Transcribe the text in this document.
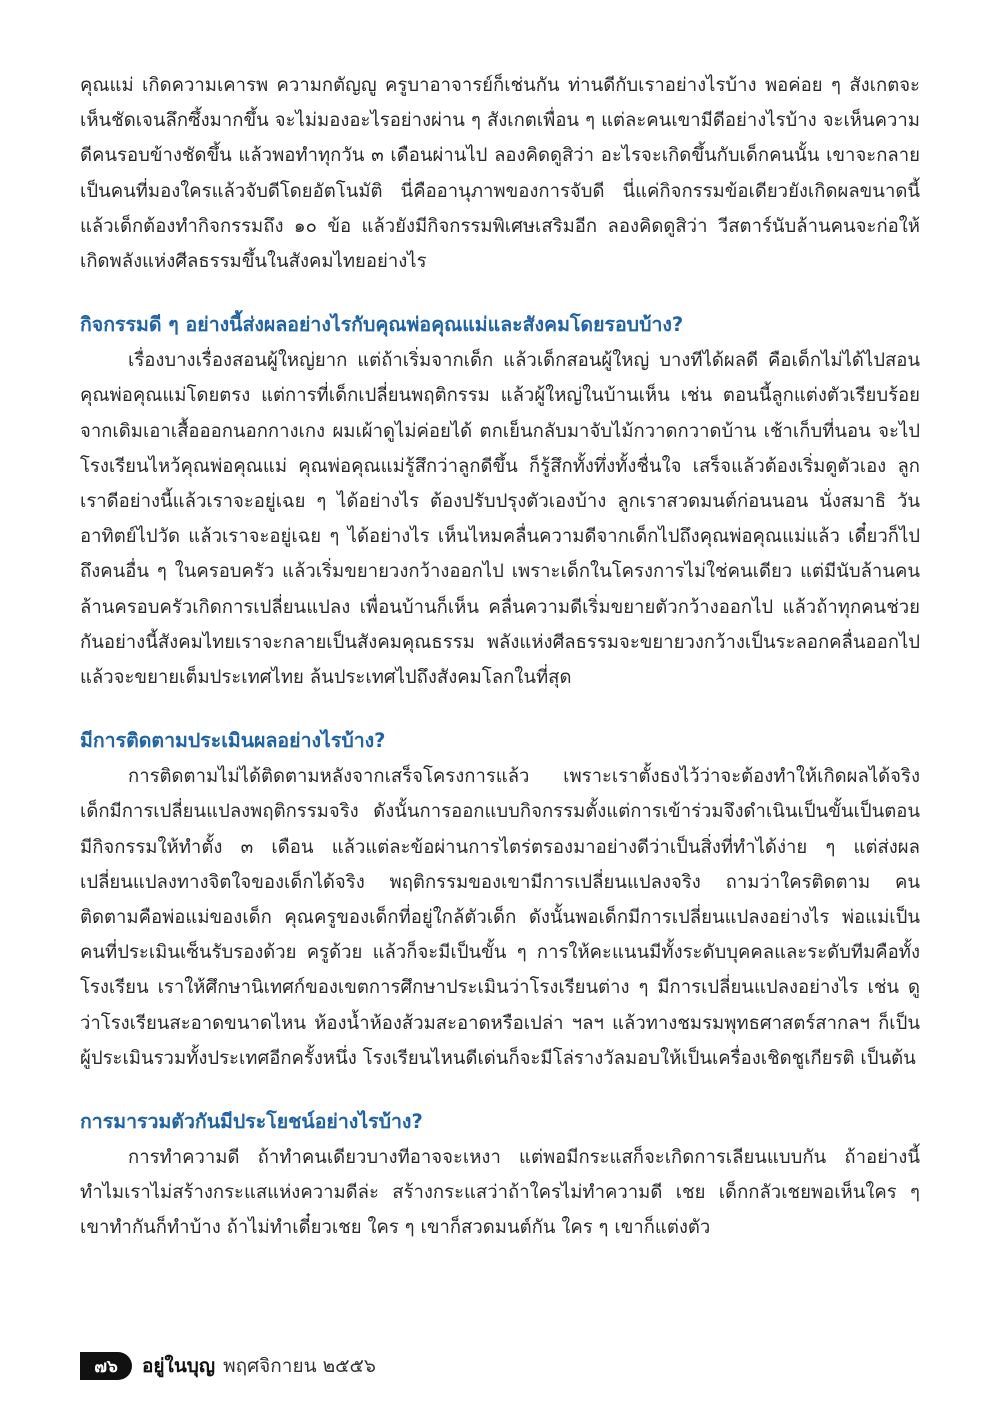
คุณแม่ เกิดความเคารพ ความกตัญญู ครูบาอาจารย์ก็เช่นกัน ท่านดีกับเราอย่างไรบ้าง พอค่อย ๆ สังเกตจะเห็นชัดเจนลึกซึ้งมากขึ้น จะไม่มองอะไรอย่างผ่าน ๆ สังเกตเพื่อน ๆ แต่ละคนเขามีดีอย่างไรบ้าง จะเห็นความดีคนรอบข้างชัดขึ้น แล้วพอทำทุกวัน ๓ เดือนผ่านไป ลองคิดดูสิว่า อะไรจะเกิดขึ้นกับเด็กคนนั้น เขาจะกลายเป็นคนที่มองใครแล้วจับดีโดยอัตโนมัติ นี่คืออานุภาพของการจับดี นี่แค่กิจกรรมข้อเดียวยังเกิดผลขนาดนี้ แล้วเด็กต้องทำกิจกรรมถึง ๑๐ ข้อ แล้วยังมีกิจกรรมพิเศษเสริมอีก ลองคิดดูสิว่า วีสตาร์นับล้านคนจะก่อให้เกิดพลังแห่งศีลธรรมขึ้นในสังคมไทยอย่างไร

กิจกรรมดี ๆ อย่างนี้ส่งผลอย่างไรกับคุณพ่อคุณแม่และสังคมโดยรอบบ้าง?

เรื่องบางเรื่องสอนผู้ใหญ่ยาก แต่ถ้าเริ่มจากเด็ก แล้วเด็กสอนผู้ใหญ่ บางทีได้ผลดี คือเด็กไม่ได้ไปสอนคุณพ่อคุณแม่โดยตรง แต่การที่เด็กเปลี่ยนพฤติกรรม แล้วผู้ใหญ่ในบ้านเห็น เช่น ตอนนี้ลูกแต่งตัวเรียบร้อย จากเดิมเอาเสื้อออกนอกกางเกง ผมเผ้าดูไม่ค่อยได้ ตกเย็นกลับมาจับไม้กวาดกวาดบ้าน เช้าเก็บที่นอน จะไปโรงเรียนไหว้คุณพ่อคุณแม่ คุณพ่อคุณแม่รู้สึกว่าลูกดีขึ้น ก็รู้สึกทั้งทึ่งทั้งชื่นใจ เสร็จแล้วต้องเริ่มดูตัวเอง ลูกเราดีอย่างนี้แล้วเราจะอยู่เฉย ๆ ได้อย่างไร ต้องปรับปรุงตัวเองบ้าง ลูกเราสวดมนต์ก่อนนอน นั่งสมาธิ วันอาทิตย์ไปวัด แล้วเราจะอยู่เฉย ๆ ได้อย่างไร เห็นไหมคลื่นความดีจากเด็กไปถึงคุณพ่อคุณแม่แล้ว เดี๋ยวก็ไปถึงคนอื่น ๆ ในครอบครัว แล้วเริ่มขยายวงกว้างออกไป เพราะเด็กในโครงการไม่ใช่คนเดียว แต่มีนับล้านคน ล้านครอบครัวเกิดการเปลี่ยนแปลง เพื่อนบ้านก็เห็น คลื่นความดีเริ่มขยายตัวกว้างออกไป แล้วถ้าทุกคนช่วยกันอย่างนี้สังคมไทยเราจะกลายเป็นสังคมคุณธรรม พลังแห่งศีลธรรมจะขยายวงกว้างเป็นระลอกคลื่นออกไปแล้วจะขยายเต็มประเทศไทย ล้นประเทศไปถึงสังคมโลกในที่สุด

มีการติดตามประเมินผลอย่างไรบ้าง?

การติดตามไม่ได้ติดตามหลังจากเสร็จโครงการแล้ว เพราะเราตั้งธงไว้ว่าจะต้องทำให้เกิดผลได้จริง เด็กมีการเปลี่ยนแปลงพฤติกรรมจริง ดังนั้นการออกแบบกิจกรรมตั้งแต่การเข้าร่วมจึงดำเนินเป็นขั้นเป็นตอน มีกิจกรรมให้ทำตั้ง ๓ เดือน แล้วแต่ละข้อผ่านการไตร่ตรองมาอย่างดีว่าเป็นสิ่งที่ทำได้ง่าย ๆ แต่ส่งผลเปลี่ยนแปลงทางจิตใจของเด็กได้จริง พฤติกรรมของเขามีการเปลี่ยนแปลงจริง ถามว่าใครติดตาม คนติดตามคือพ่อแม่ของเด็ก คุณครูของเด็กที่อยู่ใกล้ตัวเด็ก ดังนั้นพอเด็กมีการเปลี่ยนแปลงอย่างไร พ่อแม่เป็นคนที่ประเมินเซ็นรับรองด้วย ครูด้วย แล้วก็จะมีเป็นขั้น ๆ การให้คะแนนมีทั้งระดับบุคคลและระดับทีมคือทั้งโรงเรียน เราให้ศึกษานิเทศก์ของเขตการศึกษาประเมินว่าโรงเรียนต่าง ๆ มีการเปลี่ยนแปลงอย่างไร เช่น ดูว่าโรงเรียนสะอาดขนาดไหน ห้องน้ำห้องส้วมสะอาดหรือเปล่า ฯลฯ แล้วทางชมรมพุทธศาสตร์สากลฯ ก็เป็นผู้ประเมินรวมทั้งประเทศอีกครั้งหนึ่ง โรงเรียนไหนดีเด่นก็จะมีโล่รางวัลมอบให้เป็นเครื่องเชิดชูเกียรติ เป็นต้น

การมารวมตัวกันมีประโยชน์อย่างไรบ้าง?

การทำความดี ถ้าทำคนเดียวบางทีอาจจะเหงา แต่พอมีกระแสก็จะเกิดการเลียนแบบกัน ถ้าอย่างนี้ทำไมเราไม่สร้างกระแสแห่งความดีล่ะ สร้างกระแสว่าถ้าใครไม่ทำความดี เชย เด็กกลัวเชยพอเห็นใคร ๆ เขาทำกันก็ทำบ้าง ถ้าไม่ทำเดี๋ยวเชย ใคร ๆ เขาก็สวดมนต์กัน ใคร ๆ เขาก็แต่งตัว

๗๖	อยู่ในบุญ พฤศจิกายน ๒๕๕๖
